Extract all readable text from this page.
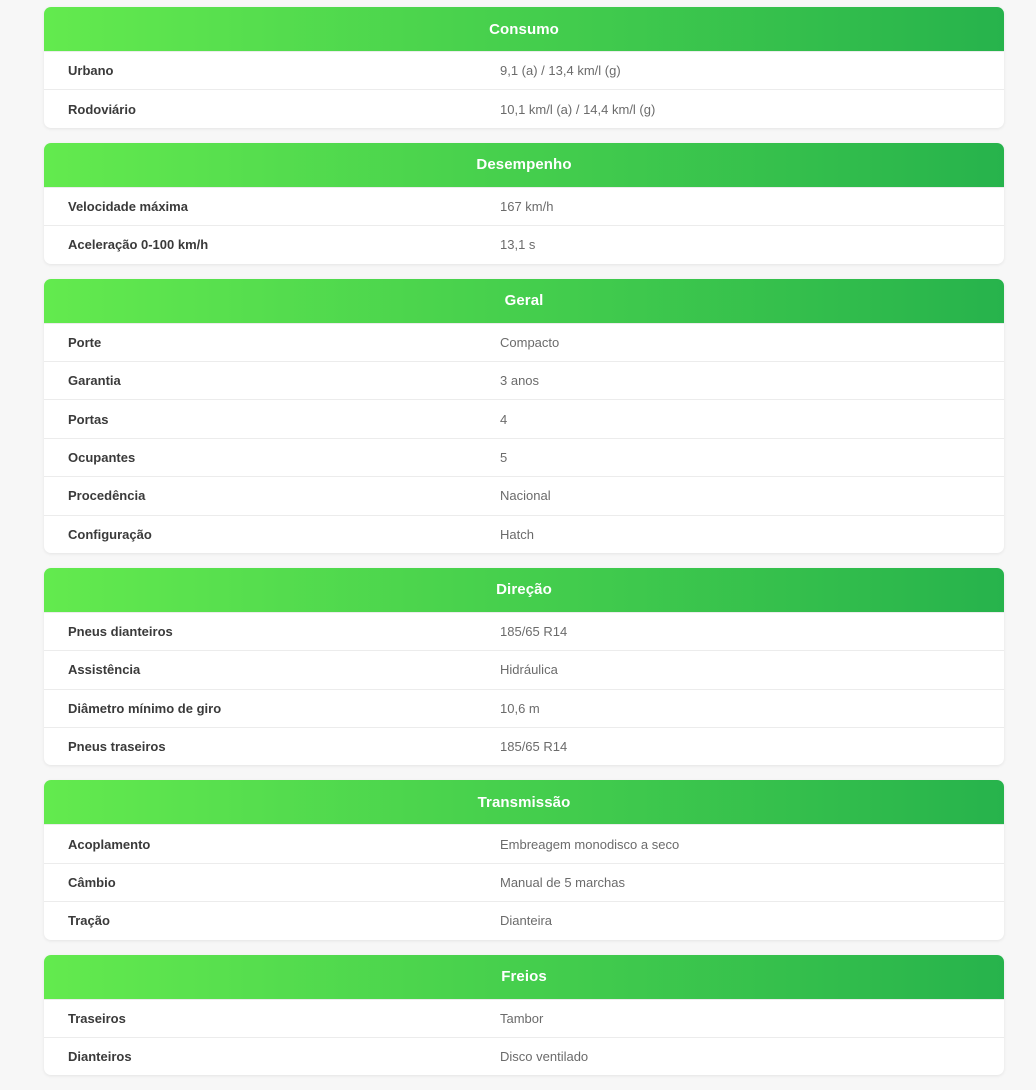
Consumo
Urbano	9,1 (a) / 13,4 km/l (g)
Rodoviário	10,1 km/l (a) / 14,4 km/l (g)
Desempenho
Velocidade máxima	167 km/h
Aceleração 0-100 km/h	13,1 s
Geral
Porte	Compacto
Garantia	3 anos
Portas	4
Ocupantes	5
Procedência	Nacional
Configuração	Hatch
Direção
Pneus dianteiros	185/65 R14
Assistência	Hidráulica
Diâmetro mínimo de giro	10,6 m
Pneus traseiros	185/65 R14
Transmissão
Acoplamento	Embreagem monodisco a seco
Câmbio	Manual de 5 marchas
Tração	Dianteira
Freios
Traseiros	Tambor
Dianteiros	Disco ventilado
